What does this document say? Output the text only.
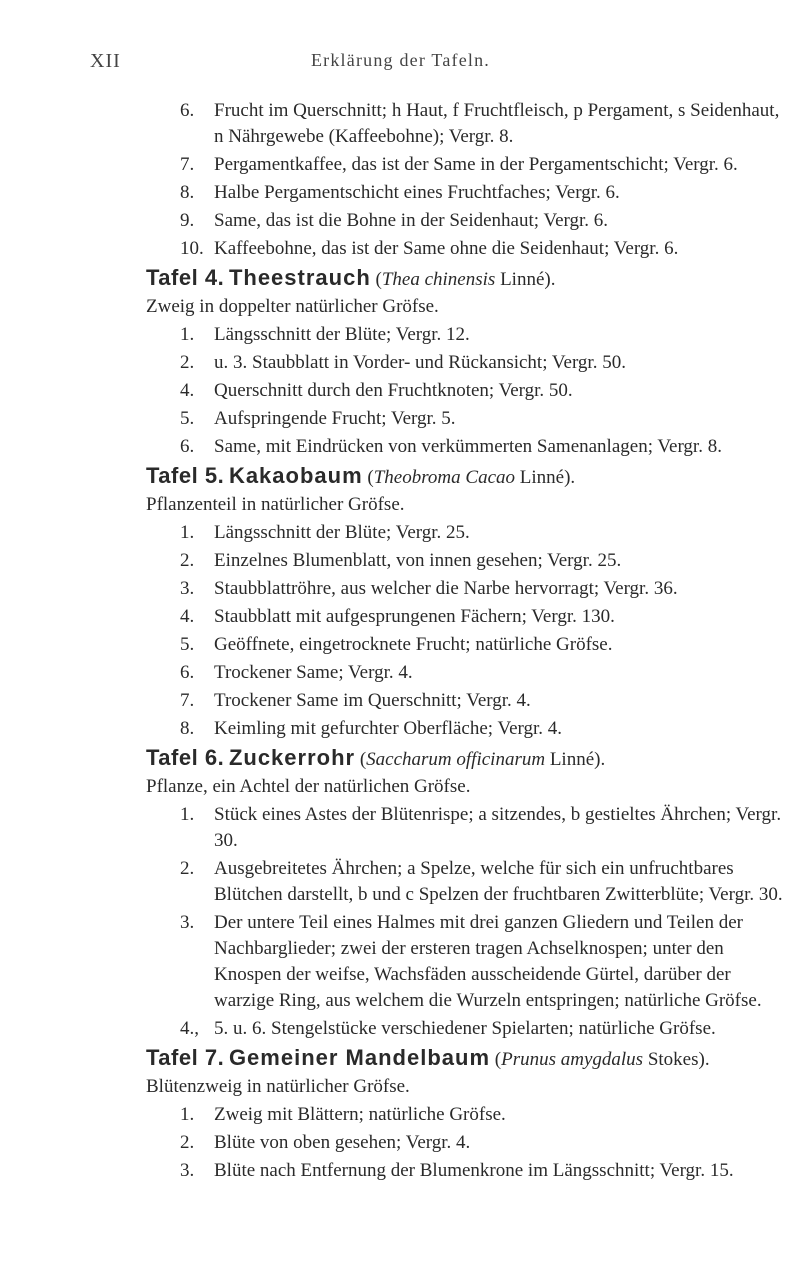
XII	Erklärung der Tafeln.
6. Frucht im Querschnitt; h Haut, f Fruchtfleisch, p Pergament, s Seidenhaut, n Nährgewebe (Kaffeebohne); Vergr. 8.
7. Pergamentkaffee, das ist der Same in der Pergamentschicht; Vergr. 6.
8. Halbe Pergamentschicht eines Fruchtfaches; Vergr. 6.
9. Same, das ist die Bohne in der Seidenhaut; Vergr. 6.
10. Kaffeebohne, das ist der Same ohne die Seidenhaut; Vergr. 6.
Tafel 4. Theestrauch (Thea chinensis Linné).
Zweig in doppelter natürlicher Gröfse.
1. Längsschnitt der Blüte; Vergr. 12.
2. u. 3. Staubblatt in Vorder- und Rückansicht; Vergr. 50.
4. Querschnitt durch den Fruchtknoten; Vergr. 50.
5. Aufspringende Frucht; Vergr. 5.
6. Same, mit Eindrücken von verkümmerten Samenanlagen; Vergr. 8.
Tafel 5. Kakaobaum (Theobroma Cacao Linné).
Pflanzenteil in natürlicher Gröfse.
1. Längsschnitt der Blüte; Vergr. 25.
2. Einzelnes Blumenblatt, von innen gesehen; Vergr. 25.
3. Staubblattröhre, aus welcher die Narbe hervorragt; Vergr. 36.
4. Staubblatt mit aufgesprungenen Fächern; Vergr. 130.
5. Geöffnete, eingetrocknete Frucht; natürliche Gröfse.
6. Trockener Same; Vergr. 4.
7. Trockener Same im Querschnitt; Vergr. 4.
8. Keimling mit gefurchter Oberfläche; Vergr. 4.
Tafel 6. Zuckerrohr (Saccharum officinarum Linné).
Pflanze, ein Achtel der natürlichen Gröfse.
1. Stück eines Astes der Blütenrispe; a sitzendes, b gestieltes Ährchen; Vergr. 30.
2. Ausgebreitetes Ährchen; a Spelze, welche für sich ein unfruchtbares Blütchen darstellt, b und c Spelzen der fruchtbaren Zwitterblüte; Vergr. 30.
3. Der untere Teil eines Halmes mit drei ganzen Gliedern und Teilen der Nachbarglieder; zwei der ersteren tragen Achselknospen; unter den Knospen der weifse, Wachsfäden ausscheidende Gürtel, darüber der warzige Ring, aus welchem die Wurzeln entspringen; natürliche Gröfse.
4., 5. u. 6. Stengelstücke verschiedener Spielarten; natürliche Gröfse.
Tafel 7. Gemeiner Mandelbaum (Prunus amygdalus Stokes).
Blütenzweig in natürlicher Gröfse.
1. Zweig mit Blättern; natürliche Gröfse.
2. Blüte von oben gesehen; Vergr. 4.
3. Blüte nach Entfernung der Blumenkrone im Längsschnitt; Vergr. 15.
